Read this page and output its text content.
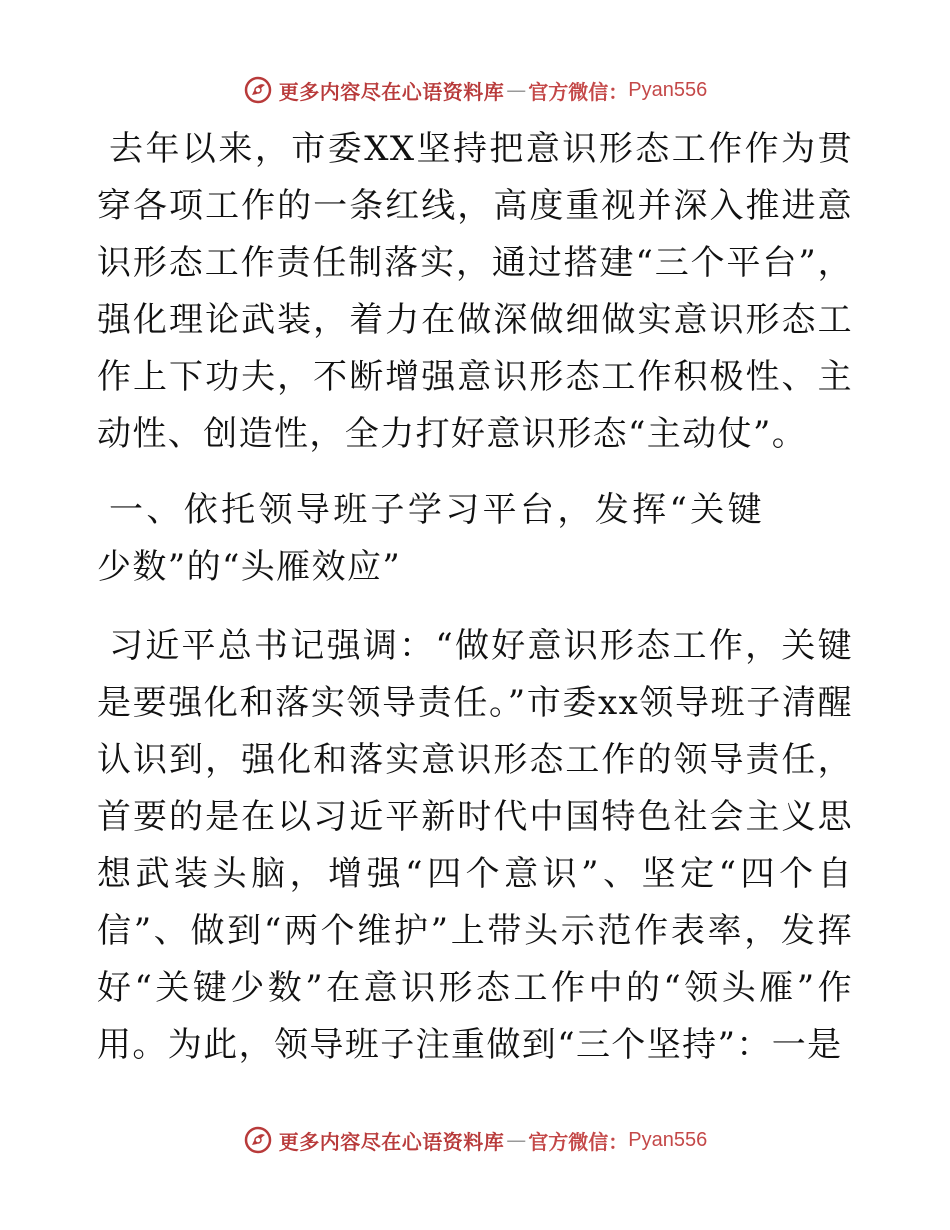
更多内容尽在心语资料库 — 官方微信： Pyan556

去年以来，市委XX坚持把意识形态工作作为贯穿各项工作的一条红线，高度重视并深入推进意识形态工作责任制落实，通过搭建“三个平台”，强化理论武装，着力在做深做细做实意识形态工作上下功夫，不断增强意识形态工作积极性、主动性、创造性，全力打好意识形态“主动仗”。

一、依托领导班子学习平台，发挥“关键少数”的“头雁效应”

习近平总书记强调：“做好意识形态工作，关键是要强化和落实领导责任。”市委xx领导班子清醒认识到，强化和落实意识形态工作的领导责任，首要的是在以习近平新时代中国特色社会主义思想武装头脑，增强“四个意识”、坚定“四个自信”、做到“两个维护”上带头示范作表率，发挥好“关键少数”在意识形态工作中的“领头雁”作用。为此，领导班子注重做到“三个坚持”：一是

更多内容尽在心语资料库 — 官方微信： Pyan556
